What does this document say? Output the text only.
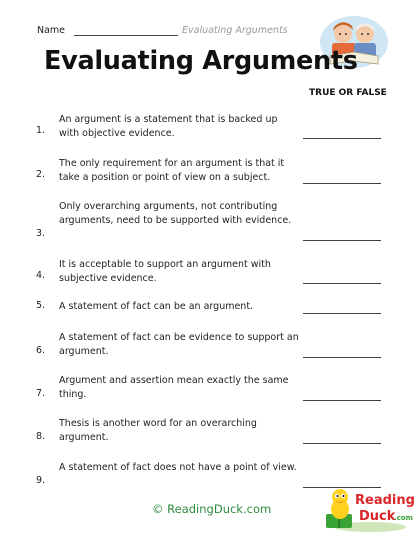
Name	Evaluating Arguments
Evaluating Arguments
TRUE OR FALSE
1.
An argument is a statement that is backed up with objective evidence.
2.
The only requirement for an argument is that it take a position or point of view on a subject.
3.
Only overarching arguments, not contributing arguments, need to be supported with evidence.
4.
It is acceptable to support an argument with subjective evidence.
5. A statement of fact can be an argument.
6.
A statement of fact can be evidence to support an argument.
7.
Argument and assertion mean exactly the same thing.
8.
Thesis is another word for an overarching argument.
9.
A statement of fact does not have a point of view.
© ReadingDuck.com
Reading
Duck
.com
